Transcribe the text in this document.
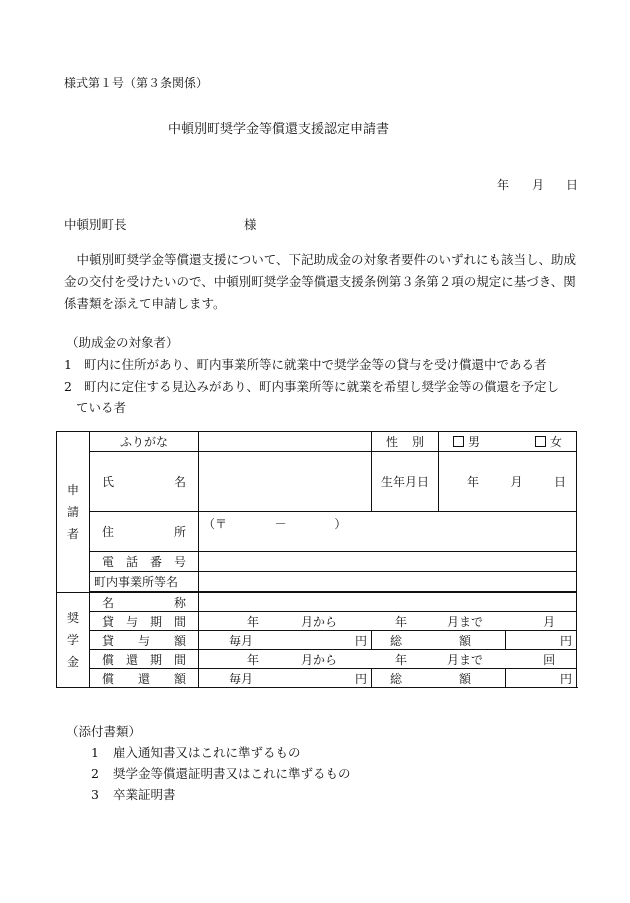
様式第１号（第３条関係）
中頓別町奨学金等償還支援認定申請書
年 月 日
中頓別町長	様
中頓別町奨学金等償還支援について、下記助成金の対象者要件のいずれにも該当し、助成金の交付を受けたいので、中頓別町奨学金等償還支援条例第３条第２項の規定に基づき、関係書類を添えて申請します。
（助成金の対象者）
1 町内に住所があり、町内事業所等に就業中で奨学金等の貸与を受け償還中である者
2 町内に定住する見込みがあり、町内事業所等に就業を希望し奨学金等の償還を予定し
ている者
申
請
者	ふりがな		性 別	男 女	

	氏 名		生年月日	年 月 日	

	住 所	（〒 － ）			

	電 話 番 号				

	町内事業所等名				

奨
学
金	名 称				

	貸 与 期 間	年 月から 年 月まで 月			

	貸 与 額	毎月 円	総 額		円

	償 還 期 間	年 月から 年 月まで 回			

	償 還 額	毎月 円	総 額		円
（添付書類）
1 雇入通知書又はこれに準ずるもの
2 奨学金等償還証明書又はこれに準ずるもの
3 卒業証明書
